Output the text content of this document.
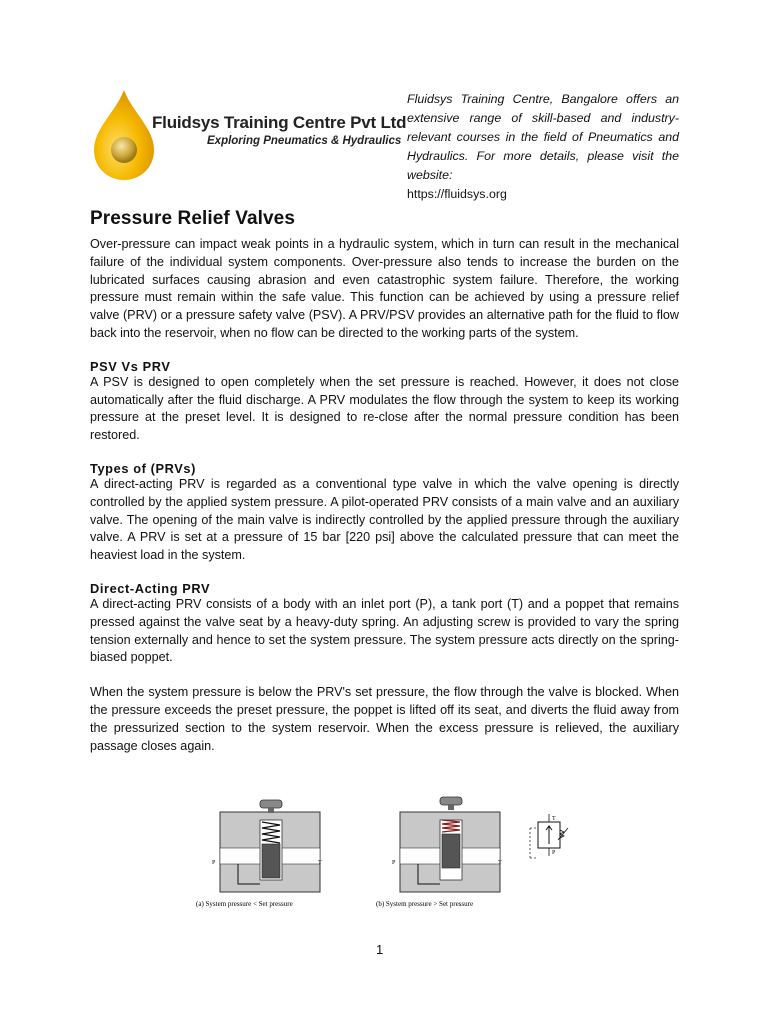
Fluidsys Training Centre Pvt Ltd
Exploring Pneumatics & Hydraulics
Fluidsys Training Centre, Bangalore offers an extensive range of skill-based and industry-relevant courses in the field of Pneumatics and Hydraulics. For more details, please visit the website:
https://fluidsys.org
Pressure Relief Valves

Over-pressure can impact weak points in a hydraulic system, which in turn can result in the mechanical failure of the individual system components. Over-pressure also tends to increase the burden on the lubricated surfaces causing abrasion and even catastrophic system failure. Therefore, the working pressure must remain within the safe value. This function can be achieved by using a pressure relief valve (PRV) or a pressure safety valve (PSV). A PRV/PSV provides an alternative path for the fluid to flow back into the reservoir, when no flow can be directed to the working parts of the system.

PSV Vs PRV

A PSV is designed to open completely when the set pressure is reached. However, it does not close automatically after the fluid discharge. A PRV modulates the flow through the system to keep its working pressure at the preset level. It is designed to re-close after the normal pressure condition has been restored.

Types of (PRVs)

A direct-acting PRV is regarded as a conventional type valve in which the valve opening is directly controlled by the applied system pressure. A pilot-operated PRV consists of a main valve and an auxiliary valve. The opening of the main valve is indirectly controlled by the applied pressure through the auxiliary valve. A PRV is set at a pressure of 15 bar [220 psi] above the calculated pressure that can meet the heaviest load in the system.

Direct-Acting PRV

A direct-acting PRV consists of a body with an inlet port (P), a tank port (T) and a poppet that remains pressed against the valve seat by a heavy-duty spring. An adjusting screw is provided to vary the spring tension externally and hence to set the system pressure. The system pressure acts directly on the spring-biased poppet.

When the system pressure is below the PRV's set pressure, the flow through the valve is blocked. When the pressure exceeds the preset pressure, the poppet is lifted off its seat, and diverts the fluid away from the pressurized section to the system reservoir. When the excess pressure is relieved, the auxiliary passage closes again.

P	T
(a) System pressure < Set pressure
P	T
(b) System pressure > Set pressure
T
P
1
